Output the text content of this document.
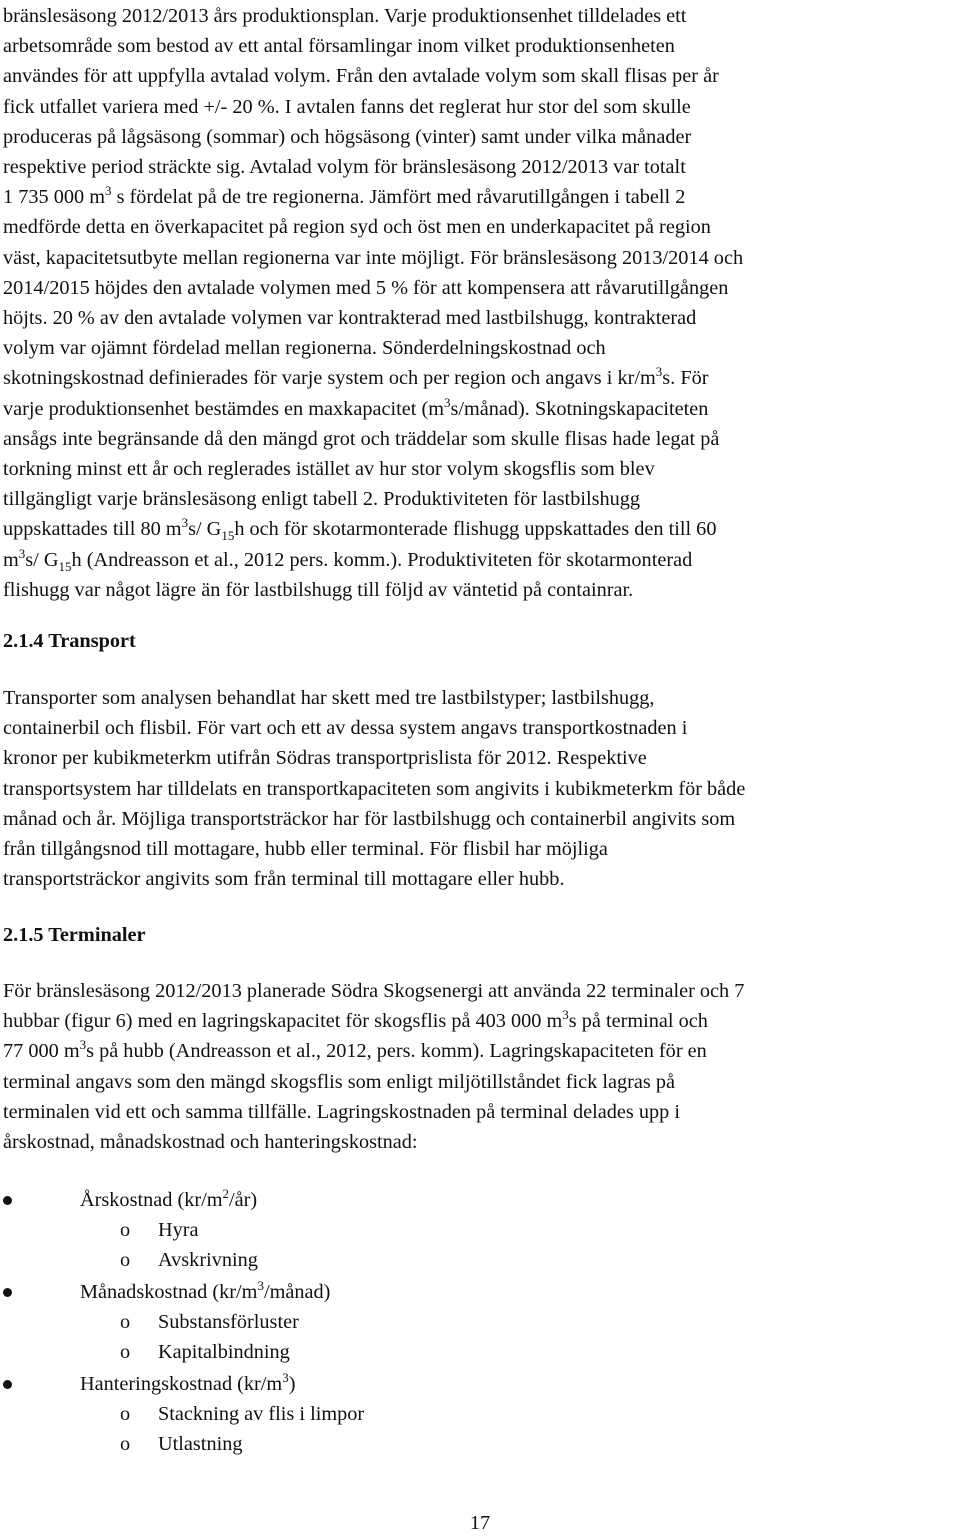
bränslesäsong 2012/2013 års produktionsplan. Varje produktionsenhet tilldelades ett

arbetsområde som bestod av ett antal församlingar inom vilket produktionsenheten

användes för att uppfylla avtalad volym. Från den avtalade volym som skall flisas per år

fick utfallet variera med +/- 20 %. I avtalen fanns det reglerat hur stor del som skulle

produceras på lågsäsong (sommar) och högsäsong (vinter) samt under vilka månader

respektive period sträckte sig. Avtalad volym för bränslesäsong 2012/2013 var totalt

1 735 000 $m^3$ s fördelat på de tre regionerna. Jämfört med råvarutillgången i tabell 2

medförde detta en överkapacitet på region syd och öst men en underkapacitet på region

väst, kapacitetsutbyte mellan regionerna var inte möjligt. För bränslesäsong 2013/2014 och

2014/2015 höjdes den avtalade volymen med 5 % för att kompensera att råvarutillgången

höjts. 20 % av den avtalade volymen var kontrakterad med lastbilshugg, kontrakterad

volym var ojämnt fördelad mellan regionerna. Sönderdelningskostnad och

skotningskostnad definierades för varje system och per region och angavs i $kr/m^3s$. För

varje produktionsenhet bestämdes en maxkapacitet $(m^3s/månad)$. Skotningskapaciteten

ansågs inte begränsande då den mängd grot och träddelar som skulle flisas hade legat på

torkning minst ett år och reglerades istället av hur stor volym skogsflis som blev

tillgängligt varje bränslesäsong enligt tabell 2. Produktiviteten för lastbilshugg

uppskattades till 80 $m^3s/$ $G_{15}h$ och för skotarmonterade flishugg uppskattades den till 60

$m^3s/$ $G_{15}h$ (Andreasson et al., 2012 pers. komm.). Produktiviteten för skotarmonterad

flishugg var något lägre än för lastbilshugg till följd av väntetid på containrar.

2.1.4 Transport

Transporter som analysen behandlat har skett med tre lastbilstyper; lastbilshugg,

containerbil och flisbil. För vart och ett av dessa system angavs transportkostnaden i

kronor per kubikmeterkm utifrån Södras transportprislista för 2012. Respektive

transportsystem har tilldelats en transportkapaciteten som angivits i kubikmeterkm för både

månad och år. Möjliga transportsträckor har för lastbilshugg och containerbil angivits som

från tillgångsnod till mottagare, hubb eller terminal. För flisbil har möjliga

transportsträckor angivits som från terminal till mottagare eller hubb.

2.1.5 Terminaler

För bränslesäsong 2012/2013 planerade Södra Skogsenergi att använda 22 terminaler och 7

hubbar (figur 6) med en lagringskapacitet för skogsflis på 403 000 $m^3s$ på terminal och

77 000 $m^3s$ på hubb (Andreasson et al., 2012, pers. komm). Lagringskapaciteten för en

terminal angavs som den mängd skogsflis som enligt miljötillståndet fick lagras på

terminalen vid ett och samma tillfälle. Lagringskostnaden på terminal delades upp i

årskostnad, månadskostnad och hanteringskostnad:

Årskostnad $(kr/m^2/år)$
o Hyra
o Avskrivning
Månadskostnad $(kr/m^3/månad)$
o Substansförluster
o Kapitalbindning
Hanteringskostnad $(kr/m^3)$
o Stackning av flis i limpor
o Utlastning
17
